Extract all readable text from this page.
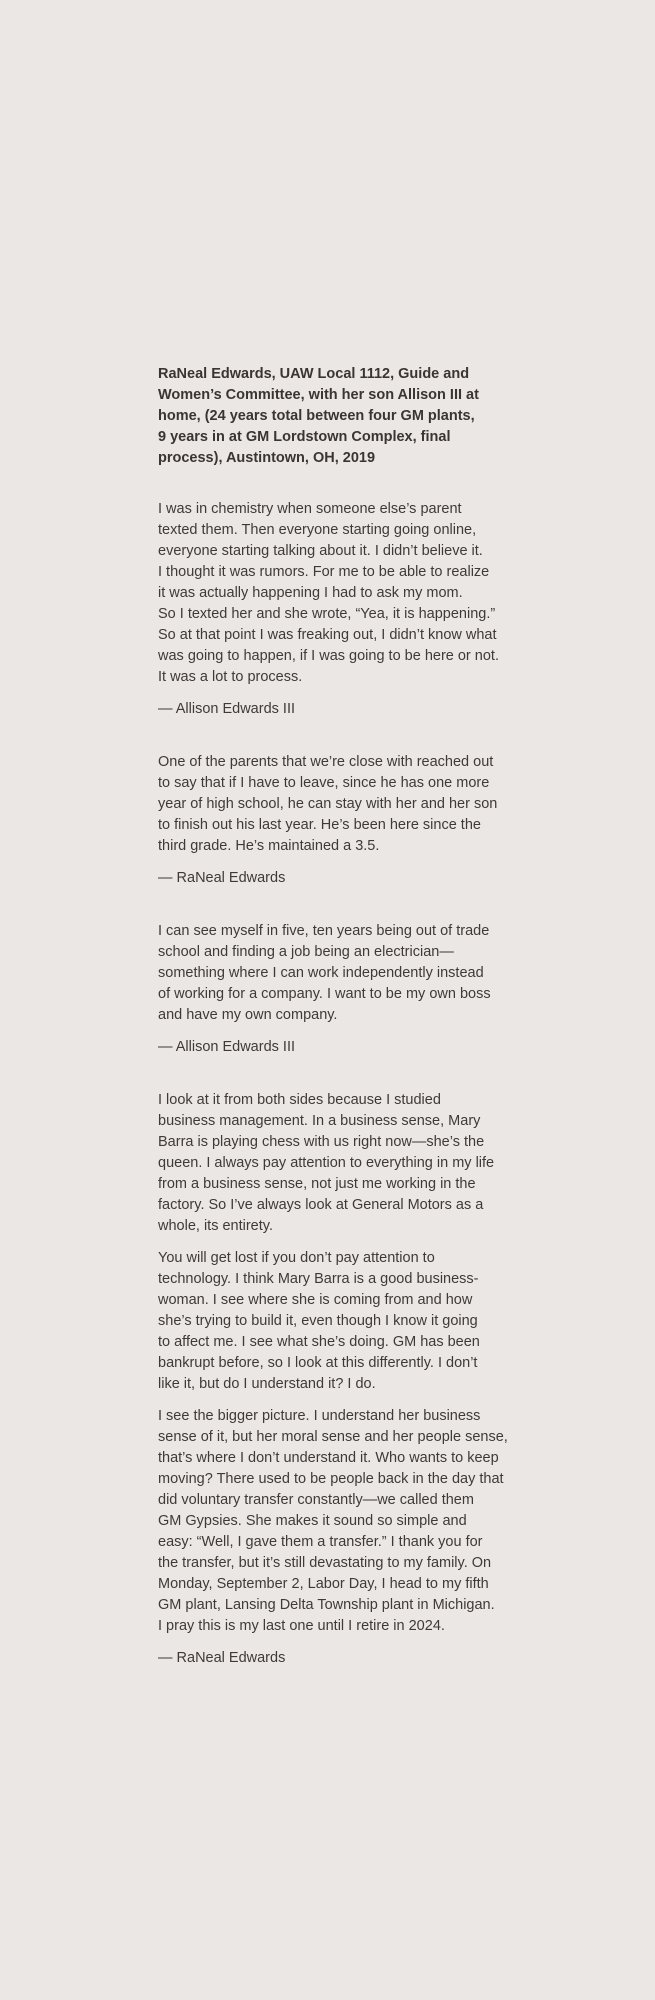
RaNeal Edwards, UAW Local 1112, Guide and
Women’s Committee, with her son Allison III at
home, (24 years total between four GM plants,
9 years in at GM Lordstown Complex, final
process), Austintown, OH, 2019

I was in chemistry when someone else’s parent
texted them. Then everyone starting going online,
everyone starting talking about it. I didn’t believe it.
I thought it was rumors. For me to be able to realize
it was actually happening I had to ask my mom.
So I texted her and she wrote, “Yea, it is happening.”
So at that point I was freaking out, I didn’t know what
was going to happen, if I was going to be here or not.
It was a lot to process.

— Allison Edwards III

One of the parents that we’re close with reached out
to say that if I have to leave, since he has one more
year of high school, he can stay with her and her son
to finish out his last year. He’s been here since the
third grade. He’s maintained a 3.5.

— RaNeal Edwards

I can see myself in five, ten years being out of trade
school and finding a job being an electrician—
something where I can work independently instead
of working for a company. I want to be my own boss
and have my own company.

— Allison Edwards III

I look at it from both sides because I studied
business management. In a business sense, Mary
Barra is playing chess with us right now—she’s the
queen. I always pay attention to everything in my life
from a business sense, not just me working in the
factory. So I’ve always look at General Motors as a
whole, its entirety.

You will get lost if you don’t pay attention to
technology. I think Mary Barra is a good business-
woman. I see where she is coming from and how
she’s trying to build it, even though I know it going
to affect me. I see what she’s doing. GM has been
bankrupt before, so I look at this differently. I don’t
like it, but do I understand it? I do.

I see the bigger picture. I understand her business
sense of it, but her moral sense and her people sense,
that’s where I don’t understand it. Who wants to keep
moving? There used to be people back in the day that
did voluntary transfer constantly—we called them
GM Gypsies. She makes it sound so simple and
easy: “Well, I gave them a transfer.” I thank you for
the transfer, but it’s still devastating to my family. On
Monday, September 2, Labor Day, I head to my fifth
GM plant, Lansing Delta Township plant in Michigan.
I pray this is my last one until I retire in 2024.

— RaNeal Edwards
